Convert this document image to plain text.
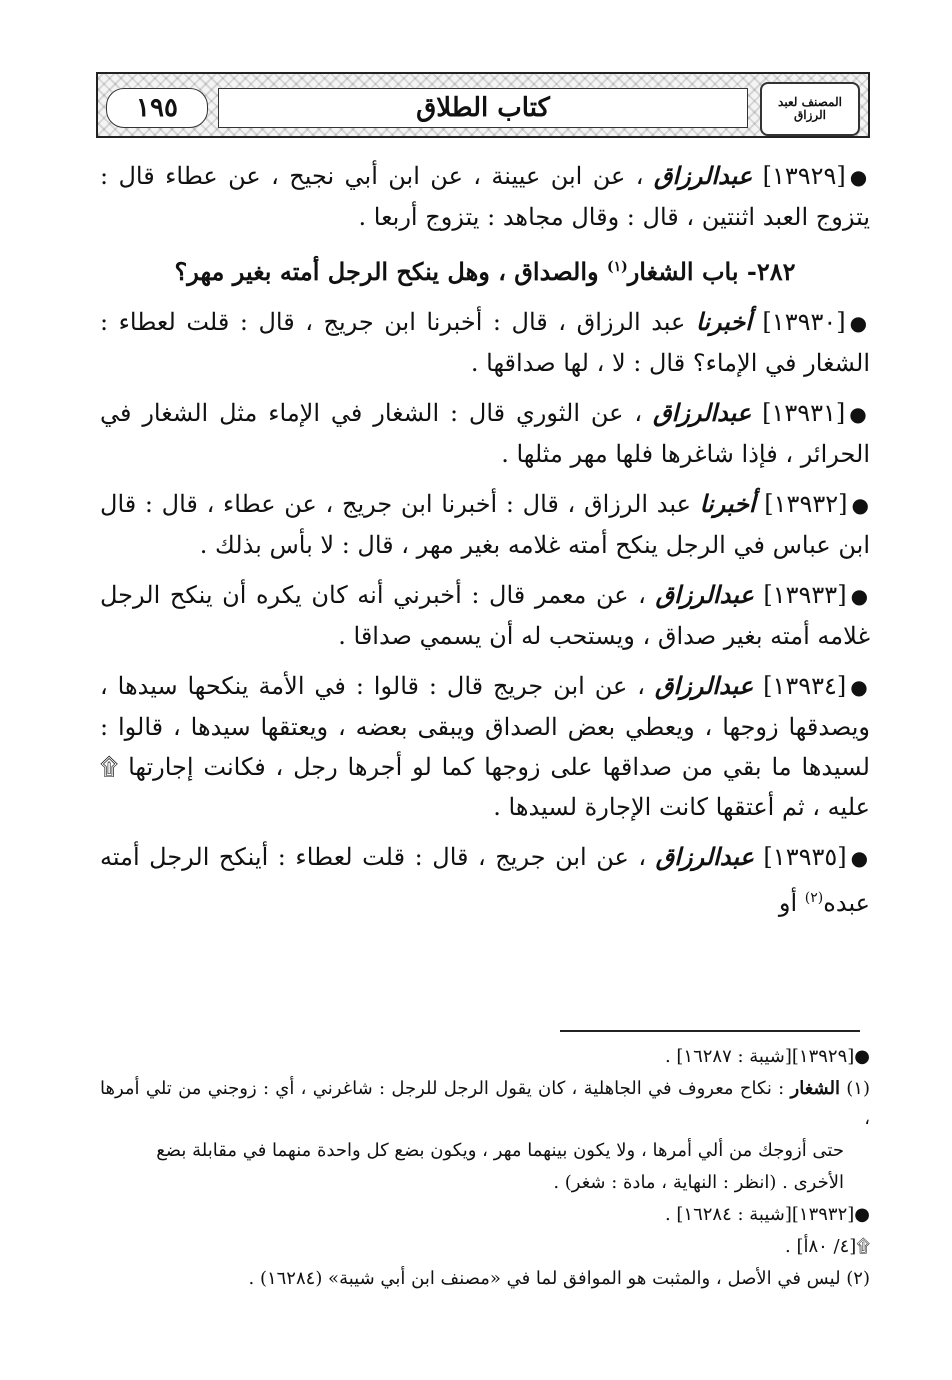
١٩٥	كتاب الطلاق	المصنف لعبد الرزاق

●[١٣٩٢٩] عبدالرزاق ، عن ابن عيينة ، عن ابن أبي نجيح ، عن عطاء قال : يتزوج العبد اثنتين ، قال : وقال مجاهد : يتزوج أربعا .

٢٨٢- باب الشغار$^{(١)}$ والصداق ، وهل ينكح الرجل أمته بغير مهر؟

●[١٣٩٣٠] أخبرنا عبد الرزاق ، قال : أخبرنا ابن جريج ، قال : قلت لعطاء : الشغار في الإماء؟ قال : لا ، لها صداقها .

●[١٣٩٣١] عبدالرزاق ، عن الثوري قال : الشغار في الإماء مثل الشغار في الحرائر ، فإذا شاغرها فلها مهر مثلها .

●[١٣٩٣٢] أخبرنا عبد الرزاق ، قال : أخبرنا ابن جريج ، عن عطاء ، قال : قال ابن عباس في الرجل ينكح أمته غلامه بغير مهر ، قال : لا بأس بذلك .

●[١٣٩٣٣] عبدالرزاق ، عن معمر قال : أخبرني أنه كان يكره أن ينكح الرجل غلامه أمته بغير صداق ، ويستحب له أن يسمي صداقا .

●[١٣٩٣٤] عبدالرزاق ، عن ابن جريج قال : قالوا : في الأمة ينكحها سيدها ، ويصدقها زوجها ، ويعطي بعض الصداق ويبقى بعضه ، ويعتقها سيدها ، قالوا : لسيدها ما بقي من صداقها على زوجها كما لو أجرها رجل ، فكانت إجارتها ۩ عليه ، ثم أعتقها كانت الإجارة لسيدها .

●[١٣٩٣٥] عبدالرزاق ، عن ابن جريج ، قال : قلت لعطاء : أينكح الرجل أمته عبده$^{(٢)}$ أو

●[١٣٩٢٩][شيبة : ١٦٢٨٧] .
(١) الشغار : نكاح معروف في الجاهلية ، كان يقول الرجل للرجل : شاغرني ، أي : زوجني من تلي أمرها ،
حتى أزوجك من ألي أمرها ، ولا يكون بينهما مهر ، ويكون بضع كل واحدة منهما في مقابلة بضع
الأخرى . (انظر : النهاية ، مادة : شغر) .
●[١٣٩٣٢][شيبة : ١٦٢٨٤] .
۩[٤/ ٨٠أ] .
(٢) ليس في الأصل ، والمثبت هو الموافق لما في «مصنف ابن أبي شيبة» (١٦٢٨٤) .
